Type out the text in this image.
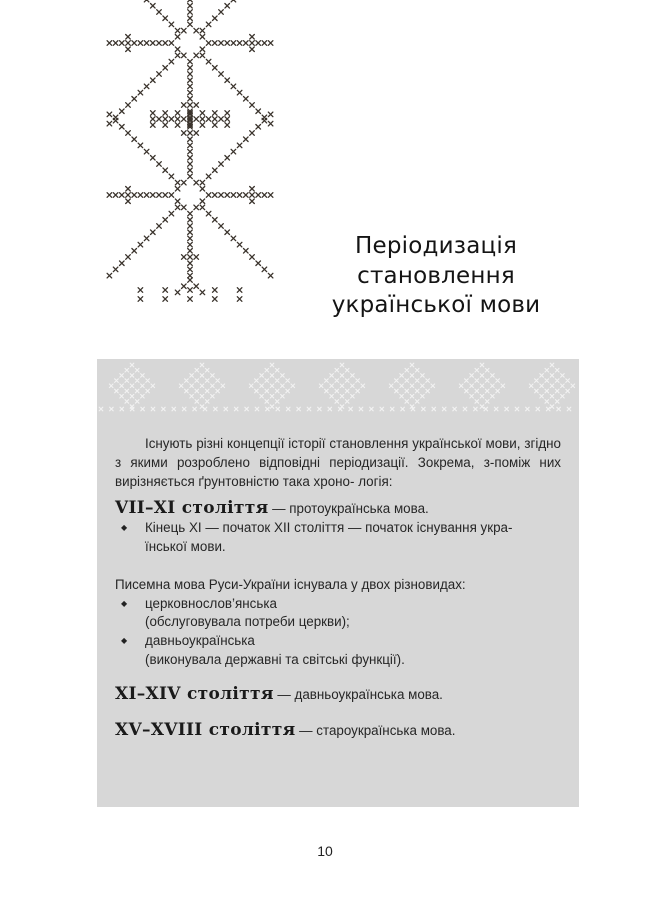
Періодизація
становлення
української мови

Існують різні концепції історії становлення української мови, згідно з якими розроблено відповідні періодизації. Зокрема, з-поміж них вирізняється ґрунтовністю така хроно- логія:

VII–XI століття — протоукраїнська мова.

◆ Кінець XI — початок XII століття — початок існування укра-
їнської мови.

Писемна мова Руси-України існувала у двох різновидах:

◆ церковнослов’янська
(обслуговувала потреби церкви);
◆ давньоукраїнська
(виконувала державні та світські функції).

XI–XIV століття — давньоукраїнська мова.

XV–XVIII століття — староукраїнська мова.

10
